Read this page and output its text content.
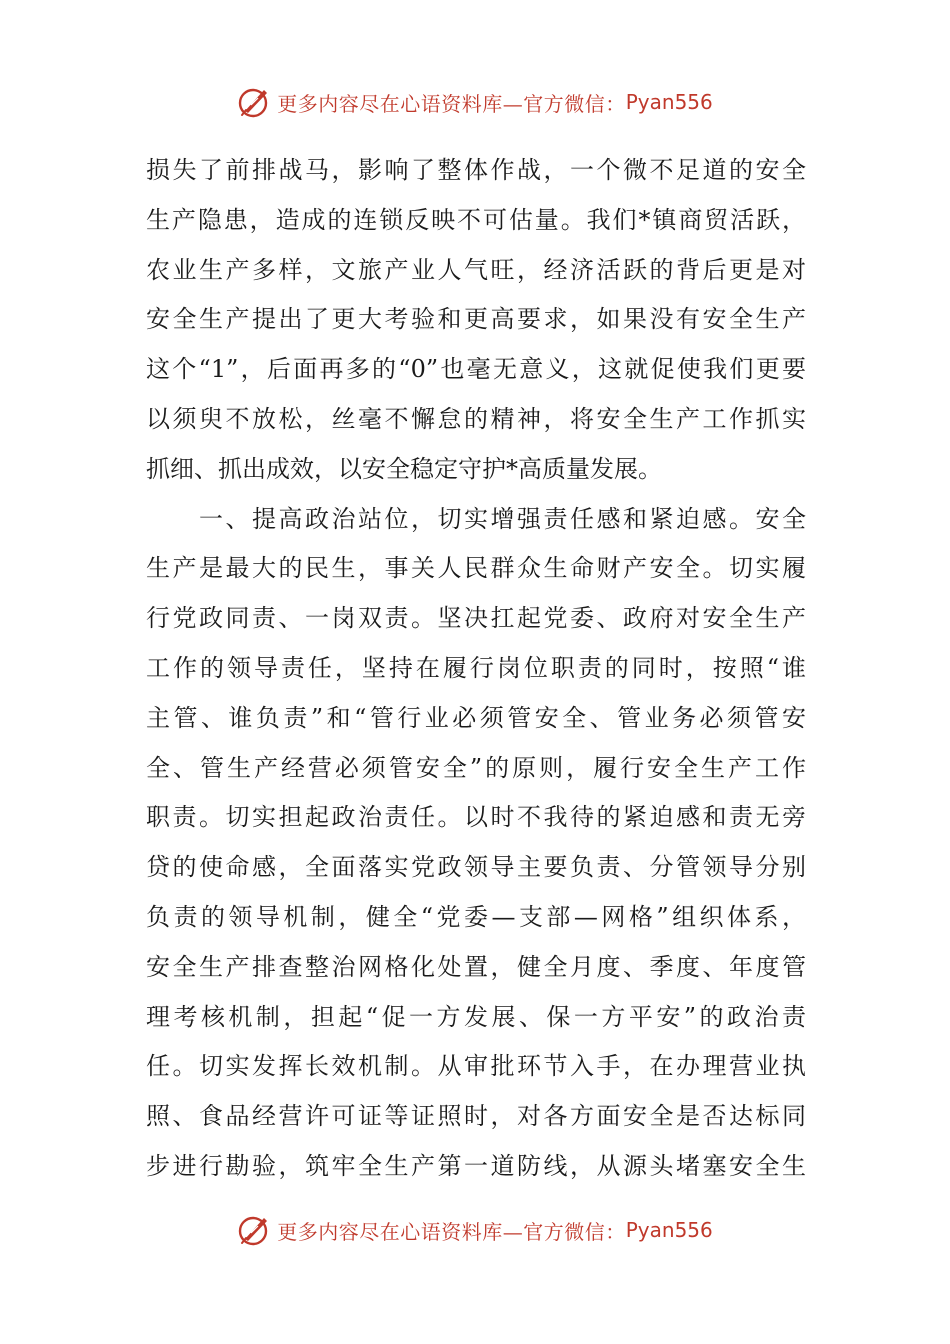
更多内容尽在心语资料库—官方微信： Pyan556
损失了前排战马，影响了整体作战，一个微不足道的安全
生产隐患，造成的连锁反映不可估量。我们*镇商贸活跃，
农业生产多样，文旅产业人气旺，经济活跃的背后更是对
安全生产提出了更大考验和更高要求，如果没有安全生产
这个“1”，后面再多的“0”也毫无意义，这就促使我们更要
以须臾不放松，丝毫不懈怠的精神，将安全生产工作抓实
抓细、抓出成效，以安全稳定守护*高质量发展。
　　一、提高政治站位，切实增强责任感和紧迫感。安全
生产是最大的民生，事关人民群众生命财产安全。切实履
行党政同责、一岗双责。坚决扛起党委、政府对安全生产
工作的领导责任，坚持在履行岗位职责的同时，按照“谁
主管、谁负责”和“管行业必须管安全、管业务必须管安
全、管生产经营必须管安全”的原则，履行安全生产工作
职责。切实担起政治责任。以时不我待的紧迫感和责无旁
贷的使命感，全面落实党政领导主要负责、分管领导分别
负责的领导机制，健全“党委—支部—网格”组织体系，
安全生产排查整治网格化处置，健全月度、季度、年度管
理考核机制，担起“促一方发展、保一方平安”的政治责
任。切实发挥长效机制。从审批环节入手，在办理营业执
照、食品经营许可证等证照时，对各方面安全是否达标同
步进行勘验，筑牢全生产第一道防线，从源头堵塞安全生
更多内容尽在心语资料库—官方微信： Pyan556
